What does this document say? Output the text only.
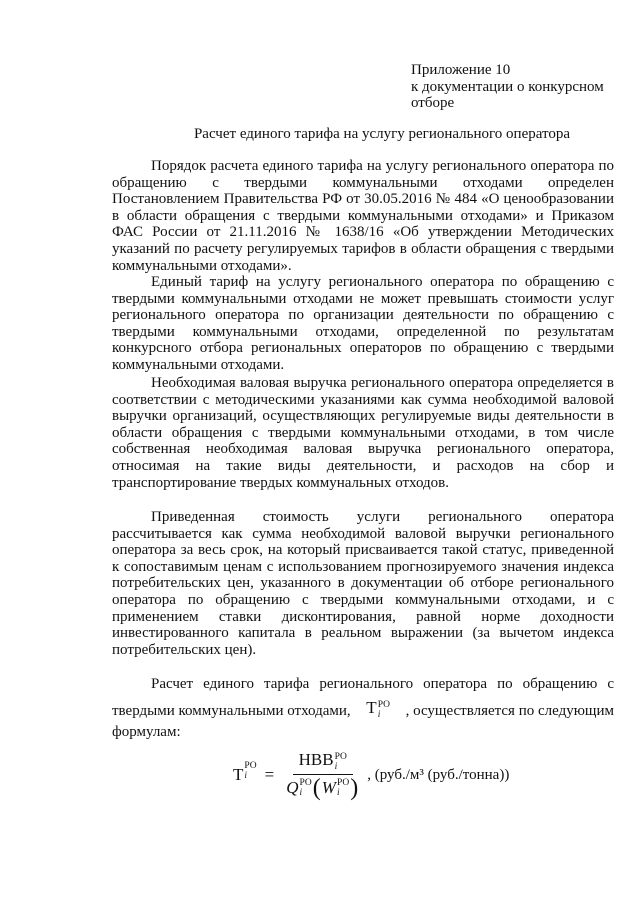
Приложение 10
к документации о конкурсном
отборе
Расчет единого тарифа на услугу регионального оператора

Порядок расчета единого тарифа на услугу регионального оператора по обращению с твердыми коммунальными отходами определен Постановлением Правительства РФ от 30.05.2016 № 484 «О ценообразовании в области обращения с твердыми коммунальными отходами» и Приказом ФАС России от 21.11.2016 № 1638/16 «Об утверждении Методических указаний по расчету регулируемых тарифов в области обращения с твердыми коммунальными отходами».

Единый тариф на услугу регионального оператора по обращению с твердыми коммунальными отходами не может превышать стоимости услуг регионального оператора по организации деятельности по обращению с твердыми коммунальными отходами, определенной по результатам конкурсного отбора региональных операторов по обращению с твердыми коммунальными отходами.

Необходимая валовая выручка регионального оператора определяется в соответствии с методическими указаниями как сумма необходимой валовой выручки организаций, осуществляющих регулируемые виды деятельности в области обращения с твердыми коммунальными отходами, в том числе собственная необходимая валовая выручка регионального оператора, относимая на такие виды деятельности, и расходов на сбор и транспортирование твердых коммунальных отходов.

Приведенная стоимость услуги регионального оператора рассчитывается как сумма необходимой валовой выручки регионального оператора за весь срок, на который присваивается такой статус, приведенной к сопоставимым ценам с использованием прогнозируемого значения индекса потребительских цен, указанного в документации об отборе регионального оператора по обращению с твердыми коммунальными отходами, и с применением ставки дисконтирования, равной норме доходности инвестированного капитала в реальном выражении (за вычетом индекса потребительских цен).

Расчет единого тарифа регионального оператора по обращению с
твердыми коммунальными отходами, T РО
i	, осуществляется по следующим
формулам:
T РО
i	=
НВВ РО
i
Q РО
i ( W РО
i )
, (руб./м³ (руб./тонна))
